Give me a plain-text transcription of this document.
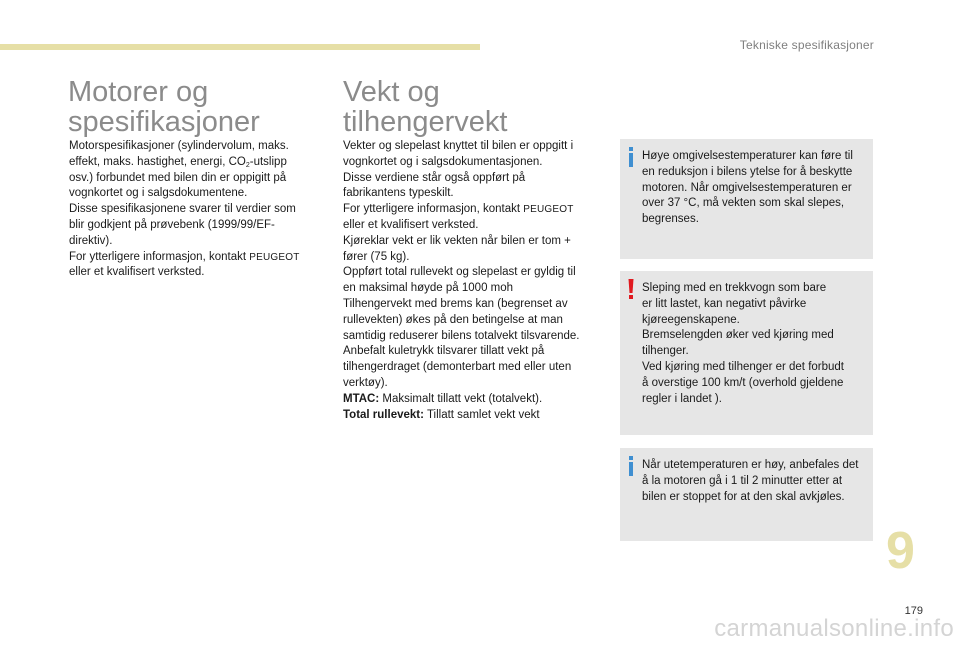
Tekniske spesifikasjoner
Motorer og
spesifikasjoner
Motorspesifikasjoner (sylindervolum, maks.
effekt, maks. hastighet, energi, $CO_2$-utslipp
osv.) forbundet med bilen din er oppigitt på
vognkortet og i salgsdokumentene.
Disse spesifikasjonene svarer til verdier som
blir godkjent på prøvebenk (1999/99/EF-
direktiv).
For ytterligere informasjon, kontakt PEUGEOT
eller et kvalifisert verksted.
Vekt og
tilhengervekt
Vekter og slepelast knyttet til bilen er oppgitt i
vognkortet og i salgsdokumentasjonen.
Disse verdiene står også oppført på
fabrikantens typeskilt.
For ytterligere informasjon, kontakt PEUGEOT
eller et kvalifisert verksted.
Kjøreklar vekt er lik vekten når bilen er tom +
fører (75 kg).
Oppført total rullevekt og slepelast er gyldig til
en maksimal høyde på 1000 moh
Tilhengervekt med brems kan (begrenset av
rullevekten) økes på den betingelse at man
samtidig reduserer bilens totalvekt tilsvarende.
Anbefalt kuletrykk tilsvarer tillatt vekt på
tilhengerdraget (demonterbart med eller uten
verktøy).
MTAC: Maksimalt tillatt vekt (totalvekt).
Total rullevekt: Tillatt samlet vekt vekt
Høye omgivelsestemperaturer kan føre til
en reduksjon i bilens ytelse for å beskytte
motoren. Når omgivelsestemperaturen er
over 37 °C, må vekten som skal slepes,
begrenses.
Sleping med en trekkvogn som bare
er litt lastet, kan negativt påvirke
kjøreegenskapene.
Bremselengden øker ved kjøring med
tilhenger.
Ved kjøring med tilhenger er det forbudt
å overstige 100 km/t (overhold gjeldene
regler i landet ).
Når utetemperaturen er høy, anbefales det
å la motoren gå i 1 til 2 minutter etter at
bilen er stoppet for at den skal avkjøles.
9
179
carmanualsonline.info
